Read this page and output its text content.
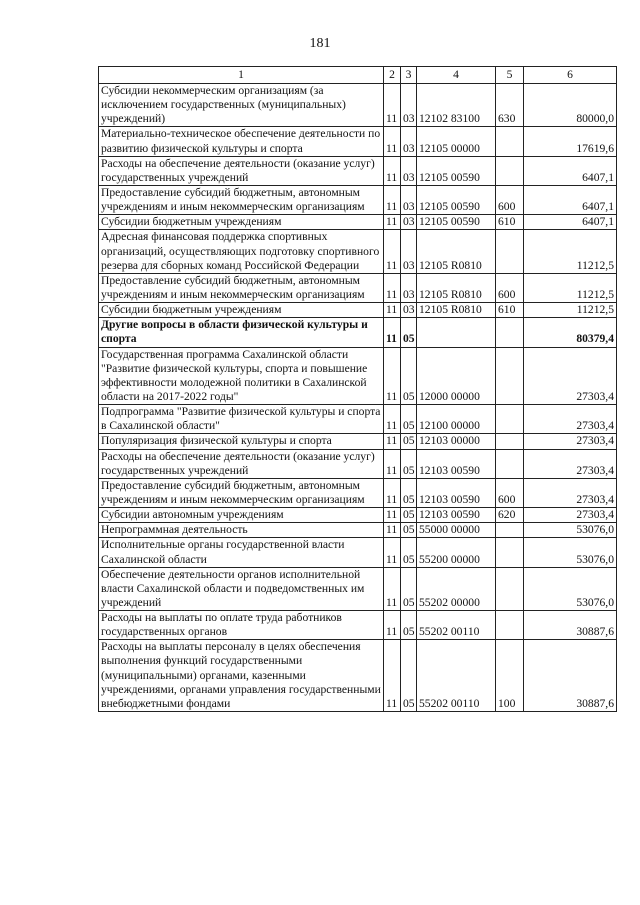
181
1	2	3	4	5	6
Субсидии некоммерческим организациям (за исключением государственных (муниципальных) учреждений)	11	03	12102 83100	630	80000,0
Материально-техническое обеспечение деятельности по развитию физической культуры и спорта	11	03	12105 00000		17619,6
Расходы на обеспечение деятельности (оказание услуг) государственных учреждений	11	03	12105 00590		6407,1
Предоставление субсидий бюджетным, автономным учреждениям и иным некоммерческим организациям	11	03	12105 00590	600	6407,1
Субсидии бюджетным учреждениям	11	03	12105 00590	610	6407,1
Адресная финансовая поддержка спортивных организаций, осуществляющих подготовку спортивного резерва для сборных команд Российской Федерации	11	03	12105 R0810		11212,5
Предоставление субсидий бюджетным, автономным учреждениям и иным некоммерческим организациям	11	03	12105 R0810	600	11212,5
Субсидии бюджетным учреждениям	11	03	12105 R0810	610	11212,5
Другие вопросы в области физической культуры и спорта	11	05			80379,4
Государственная программа Сахалинской области "Развитие физической культуры, спорта и повышение эффективности молодежной политики в Сахалинской области на 2017-2022 годы"	11	05	12000 00000		27303,4
Подпрограмма "Развитие физической культуры и спорта в Сахалинской области"	11	05	12100 00000		27303,4
Популяризация физической культуры и спорта	11	05	12103 00000		27303,4
Расходы на обеспечение деятельности (оказание услуг) государственных учреждений	11	05	12103 00590		27303,4
Предоставление субсидий бюджетным, автономным учреждениям и иным некоммерческим организациям	11	05	12103 00590	600	27303,4
Субсидии автономным учреждениям	11	05	12103 00590	620	27303,4
Непрограммная деятельность	11	05	55000 00000		53076,0
Исполнительные органы государственной власти Сахалинской области	11	05	55200 00000		53076,0
Обеспечение деятельности органов исполнительной власти Сахалинской области и подведомственных им учреждений	11	05	55202 00000		53076,0
Расходы на выплаты по оплате труда работников государственных органов	11	05	55202 00110		30887,6
Расходы на выплаты персоналу в целях обеспечения выполнения функций государственными (муниципальными) органами, казенными учреждениями, органами управления государственными внебюджетными фондами	11	05	55202 00110	100	30887,6
